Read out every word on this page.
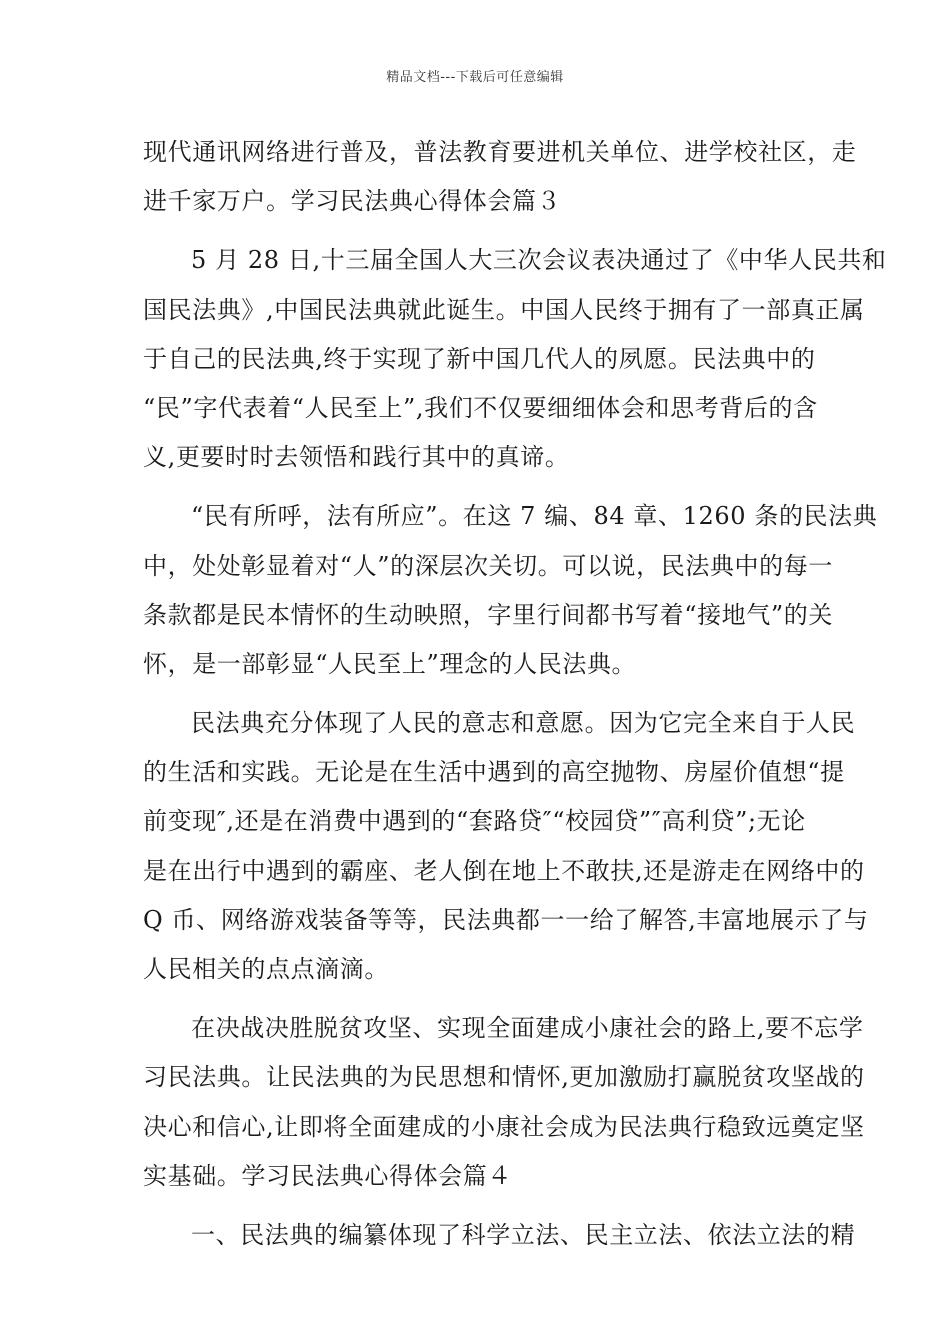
精品文档---下载后可任意编辑
现代通讯网络进行普及，普法教育要进机关单位、进学校社区，走
进千家万户。学习民法典心得体会篇３
5 月 28 日,十三届全国人大三次会议表决通过了《中华人民共和
国民法典》,中国民法典就此诞生。中国人民终于拥有了一部真正属
于自己的民法典,终于实现了新中国几代人的夙愿。民法典中的
“民”字代表着“人民至上”,我们不仅要细细体会和思考背后的含
义,更要时时去领悟和践行其中的真谛。
“民有所呼，法有所应”。在这 7 编、84 章、1260 条的民法典
中，处处彰显着对“人”的深层次关切。可以说，民法典中的每一
条款都是民本情怀的生动映照，字里行间都书写着“接地气”的关
怀，是一部彰显“人民至上”理念的人民法典。
民法典充分体现了人民的意志和意愿。因为它完全来自于人民
的生活和实践。无论是在生活中遇到的高空抛物、房屋价值想“提
前变现″,还是在消费中遇到的“套路贷″“校园贷”″高利贷”;无论
是在出行中遇到的霸座、老人倒在地上不敢扶,还是游走在网络中的
Q 币、网络游戏装备等等，民法典都一一给了解答,丰富地展示了与
人民相关的点点滴滴。
在决战决胜脱贫攻坚、实现全面建成小康社会的路上,要不忘学
习民法典。让民法典的为民思想和情怀,更加激励打赢脱贫攻坚战的
决心和信心,让即将全面建成的小康社会成为民法典行稳致远奠定坚
实基础。学习民法典心得体会篇４
一、民法典的编纂体现了科学立法、民主立法、依法立法的精
